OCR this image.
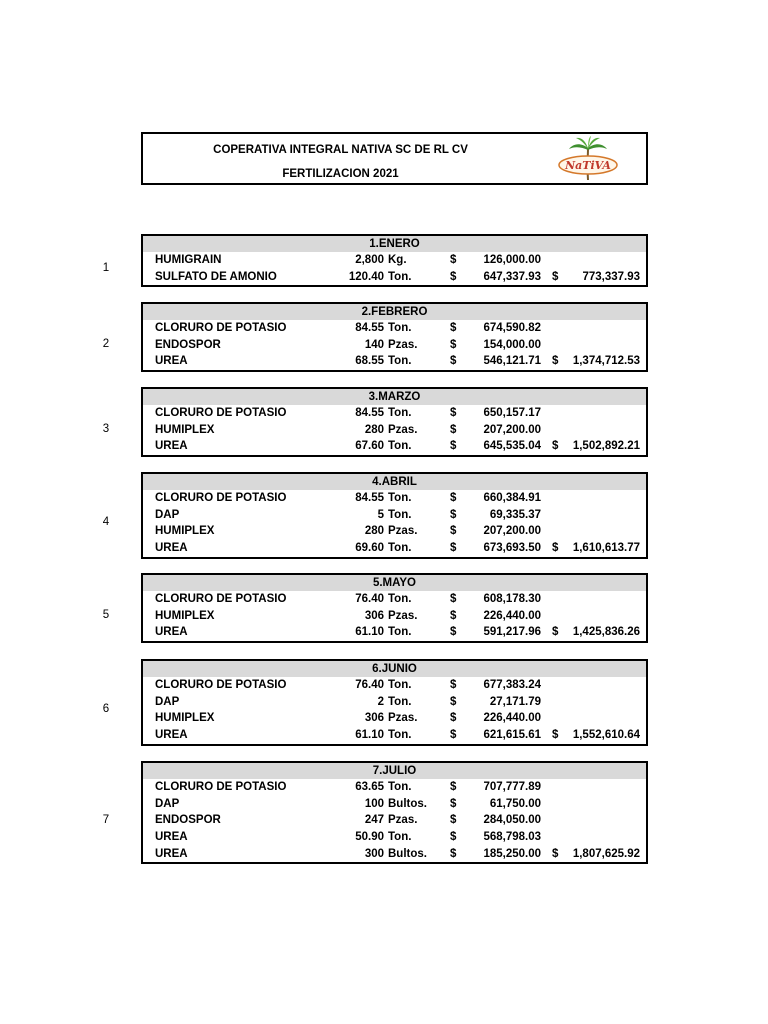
COPERATIVA INTEGRAL NATIVA SC DE RL CV
FERTILIZACION 2021
NaTiVA
1.ENERO
HUMIGRAIN	2,800 Kg.	$ 126,000.00
SULFATO DE AMONIO	120.40 Ton.	$ 647,337.93 $ 773,337.93
1
2.FEBRERO
CLORURO DE POTASIO	84.55 Ton.	$ 674,590.82
ENDOSPOR	140 Pzas.	$ 154,000.00
UREA	68.55 Ton.	$ 546,121.71 $ 1,374,712.53
2
3.MARZO
CLORURO DE POTASIO	84.55 Ton.	$ 650,157.17
HUMIPLEX	280 Pzas.	$ 207,200.00
UREA	67.60 Ton.	$ 645,535.04 $ 1,502,892.21
3
4.ABRIL
CLORURO DE POTASIO	84.55 Ton.	$ 660,384.91
DAP	5 Ton.	$	69,335.37
HUMIPLEX	280 Pzas.	$ 207,200.00
UREA	69.60 Ton.	$ 673,693.50 $ 1,610,613.77
4
5.MAYO
CLORURO DE POTASIO	76.40 Ton.	$ 608,178.30
HUMIPLEX	306 Pzas.	$ 226,440.00
UREA	61.10 Ton.	$ 591,217.96 $ 1,425,836.26
5
6.JUNIO
CLORURO DE POTASIO	76.40 Ton.	$ 677,383.24
DAP	2 Ton.	$	27,171.79
HUMIPLEX	306 Pzas.	$ 226,440.00
UREA	61.10 Ton.	$ 621,615.61 $ 1,552,610.64
6
7.JULIO
CLORURO DE POTASIO	63.65 Ton.	$ 707,777.89
DAP	100 Bultos. $	61,750.00
ENDOSPOR	247 Pzas.	$ 284,050.00
UREA	50.90 Ton.	$ 568,798.03
UREA	300 Bultos. $ 185,250.00 $ 1,807,625.92
7
